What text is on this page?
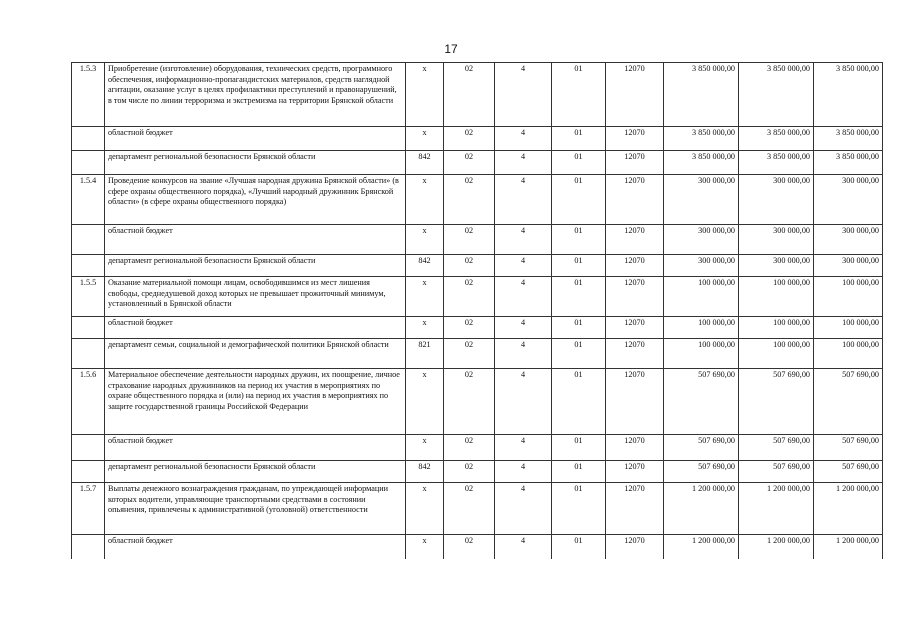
17
1.5.3	Приобретение (изготовление) оборудования, технических средств, программного обеспечения, информационно-пропагандистских материалов, средств наглядной агитации, оказание услуг в целях профилактики преступлений и правонарушений, в том числе по линии терроризма и экстремизма на территории Брянской области	x	02	4	01	12070	3 850 000,00	3 850 000,00	3 850 000,00
	областной бюджет	x	02	4	01	12070	3 850 000,00	3 850 000,00	3 850 000,00
	департамент региональной безопасности Брянской области	842	02	4	01	12070	3 850 000,00	3 850 000,00	3 850 000,00
1.5.4	Проведение конкурсов на звание «Лучшая народная дружина Брянской области» (в сфере охраны общественного порядка), «Лучший народный дружинник Брянской области» (в сфере охраны общественного порядка)	x	02	4	01	12070	300 000,00	300 000,00	300 000,00
	областной бюджет	x	02	4	01	12070	300 000,00	300 000,00	300 000,00
	департамент региональной безопасности Брянской области	842	02	4	01	12070	300 000,00	300 000,00	300 000,00
1.5.5	Оказание материальной помощи лицам, освободившимся из мест лишения свободы, среднедушевой доход которых не превышает прожиточный минимум, установленный в Брянской области	x	02	4	01	12070	100 000,00	100 000,00	100 000,00
	областной бюджет	x	02	4	01	12070	100 000,00	100 000,00	100 000,00
	департамент семьи, социальной и демографической политики Брянской области	821	02	4	01	12070	100 000,00	100 000,00	100 000,00
1.5.6	Материальное обеспечение деятельности народных дружин, их поощрение, личное страхование народных дружинников на период их участия в мероприятиях по охране общественного порядка и (или) на период их участия в мероприятиях по защите государственной границы Российской Федерации	x	02	4	01	12070	507 690,00	507 690,00	507 690,00
	областной бюджет	x	02	4	01	12070	507 690,00	507 690,00	507 690,00
	департамент региональной безопасности Брянской области	842	02	4	01	12070	507 690,00	507 690,00	507 690,00
1.5.7	Выплаты денежного вознаграждения гражданам, по упреждающей информации которых водители, управляющие транспортными средствами в состоянии опьянения, привлечены к административной (уголовной) ответственности	x	02	4	01	12070	1 200 000,00	1 200 000,00	1 200 000,00
	областной бюджет	x	02	4	01	12070	1 200 000,00	1 200 000,00	1 200 000,00
